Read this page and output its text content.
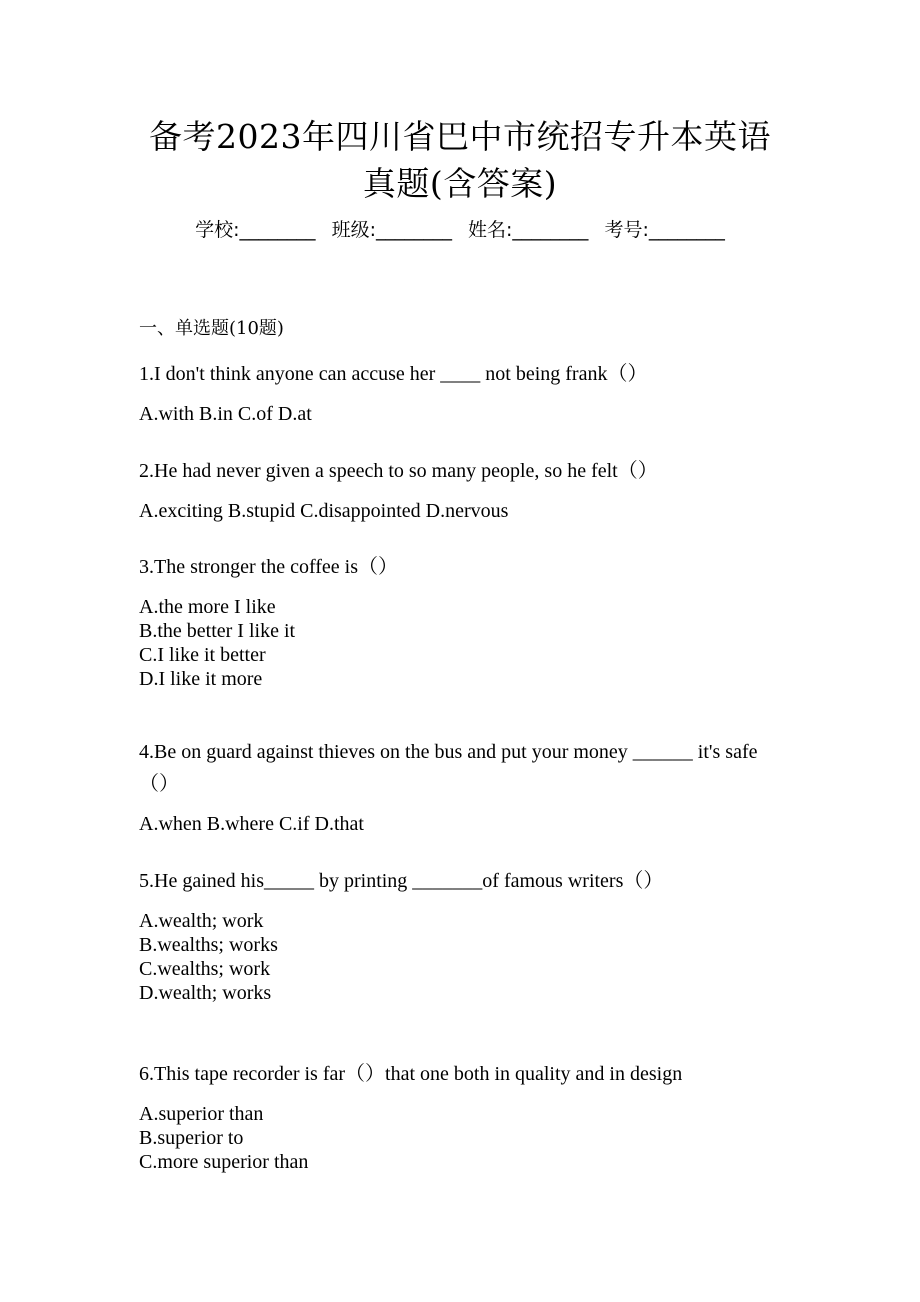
备考2023年四川省巴中市统招专升本英语
真题(含答案)
学校:________ 班级:________ 姓名:________ 考号:________
一、单选题(10题)
1.I don't think anyone can accuse her ____ not being frank（）
A.with B.in C.of D.at
2.He had never given a speech to so many people, so he felt（）
A.exciting B.stupid C.disappointed D.nervous
3.The stronger the coffee is（）
A.the more I like
B.the better I like it
C.I like it better
D.I like it more
4.Be on guard against thieves on the bus and put your money ______ it's safe
（）
A.when B.where C.if D.that
5.He gained his_____ by printing _______of famous writers（）
A.wealth; work
B.wealths; works
C.wealths; work
D.wealth; works
6.This tape recorder is far（）that one both in quality and in design
A.superior than
B.superior to
C.more superior than
